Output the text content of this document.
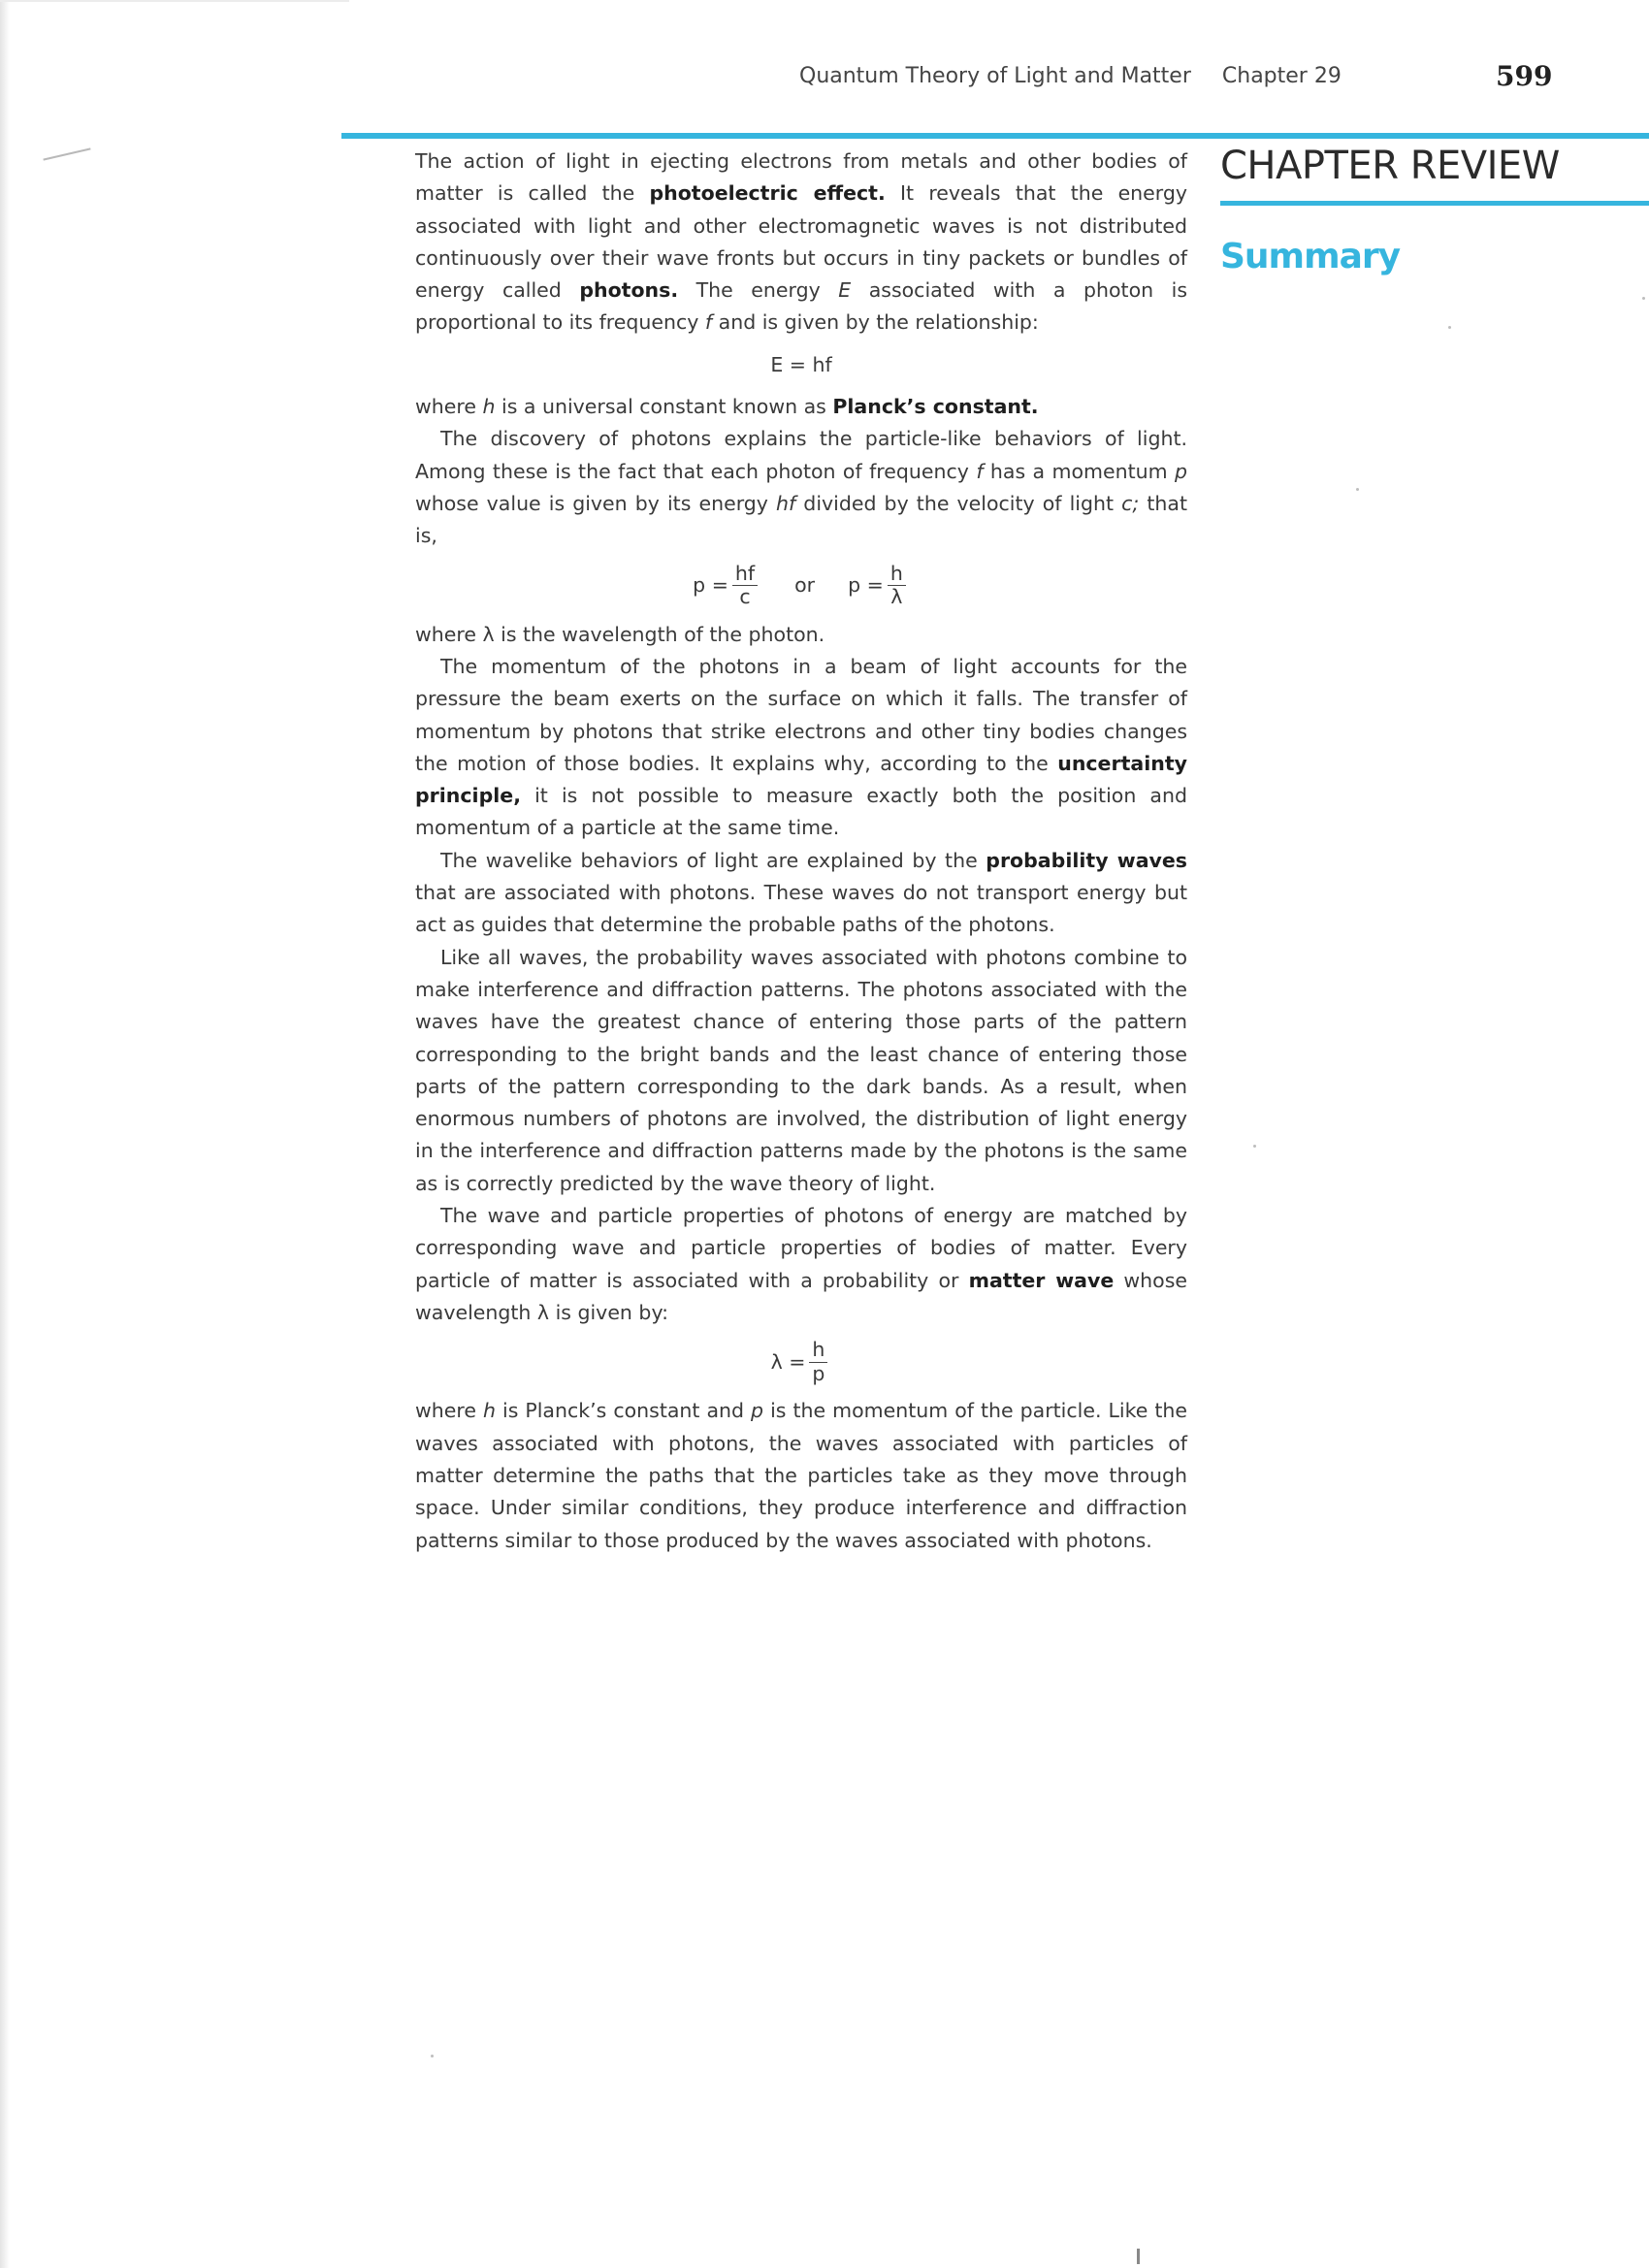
Quantum Theory of Light and Matter Chapter 29	599
CHAPTER REVIEW
Summary

The action of light in ejecting electrons from metals and other bodies of matter is called the photoelectric effect. It reveals that the energy associated with light and other electromagnetic waves is not distributed continuously over their wave fronts but occurs in tiny packets or bundles of energy called photons. The energy E associated with a photon is proportional to its frequency f and is given by the relationship:

E = hf

where h is a universal constant known as Planck’s constant.

The discovery of photons explains the particle-like behaviors of light. Among these is the fact that each photon of frequency f has a momentum p whose value is given by its energy hf divided by the velocity of light c; that is,

$p = \frac{hf}{c}$ or $p = \frac{h}{\lambda}$

where λ is the wavelength of the photon.

The momentum of the photons in a beam of light accounts for the pressure the beam exerts on the surface on which it falls. The transfer of momentum by photons that strike electrons and other tiny bodies changes the motion of those bodies. It explains why, according to the uncertainty principle, it is not possible to measure exactly both the position and momentum of a particle at the same time.

The wavelike behaviors of light are explained by the probability waves that are associated with photons. These waves do not transport energy but act as guides that determine the probable paths of the photons.

Like all waves, the probability waves associated with photons combine to make interference and diffraction patterns. The photons associated with the waves have the greatest chance of entering those parts of the pattern corresponding to the bright bands and the least chance of entering those parts of the pattern corresponding to the dark bands. As a result, when enormous numbers of photons are involved, the distribution of light energy in the interference and diffraction patterns made by the photons is the same as is correctly predicted by the wave theory of light.

The wave and particle properties of photons of energy are matched by corresponding wave and particle properties of bodies of matter. Every particle of matter is associated with a probability or matter wave whose wavelength λ is given by:

$\lambda = \frac{h}{p}$

where h is Planck’s constant and p is the momentum of the particle. Like the waves associated with photons, the waves associated with particles of matter determine the paths that the particles take as they move through space. Under similar conditions, they produce interference and diffraction patterns similar to those produced by the waves associated with photons.
